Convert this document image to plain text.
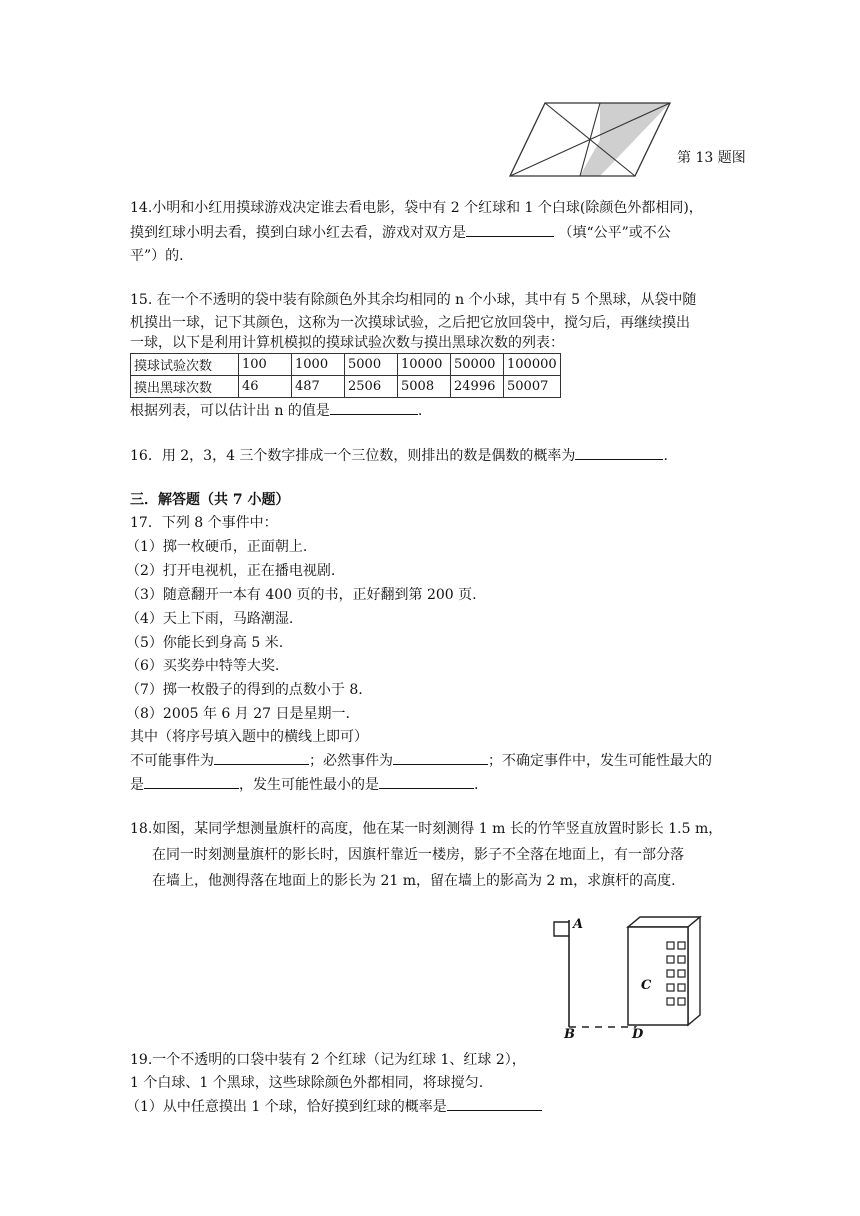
第 13 题图
14.小明和小红用摸球游戏决定谁去看电影，袋中有 2 个红球和 1 个白球(除颜色外都相同)，
摸到红球小明去看，摸到白球小红去看，游戏对双方是	（填“公平”或不公
平”）的.
15. 在一个不透明的袋中装有除颜色外其余均相同的 n 个小球，其中有 5 个黑球，从袋中随
机摸出一球，记下其颜色，这称为一次摸球试验，之后把它放回袋中，搅匀后，再继续摸出
一球，以下是利用计算机模拟的摸球试验次数与摸出黑球次数的列表：
摸球试验次数	100	1000	5000	10000	50000	100000
摸出黑球次数	46	487	2506	5008	24996	50007
根据列表，可以估计出 n 的值是	.
16．用 2，3，4 三个数字排成一个三位数，则排出的数是偶数的概率为	.
三．解答题（共 7 小题）
17．下列 8 个事件中：
（1）掷一枚硬币，正面朝上.
（2）打开电视机，正在播电视剧.
（3）随意翻开一本有 400 页的书，正好翻到第 200 页.
（4）天上下雨，马路潮湿.
（5）你能长到身高 5 米.
（6）买奖券中特等大奖.
（7）掷一枚骰子的得到的点数小于 8.
（8）2005 年 6 月 27 日是星期一.
其中（将序号填入题中的横线上即可）
不可能事件为	；必然事件为	；不确定事件中，发生可能性最大的
是	，发生可能性最小的是	.
18.如图，某同学想测量旗杆的高度，他在某一时刻测得 1 m 长的竹竿竖直放置时影长 1.5 m，
在同一时刻测量旗杆的影长时，因旗杆靠近一楼房，影子不全落在地面上，有一部分落
在墙上，他测得落在地面上的影长为 21 m，留在墙上的影高为 2 m，求旗杆的高度.
A
B
C
D
19.一个不透明的口袋中装有 2 个红球（记为红球 1、红球 2），
1 个白球、1 个黑球，这些球除颜色外都相同，将球搅匀.
（1）从中任意摸出 1 个球，恰好摸到红球的概率是
